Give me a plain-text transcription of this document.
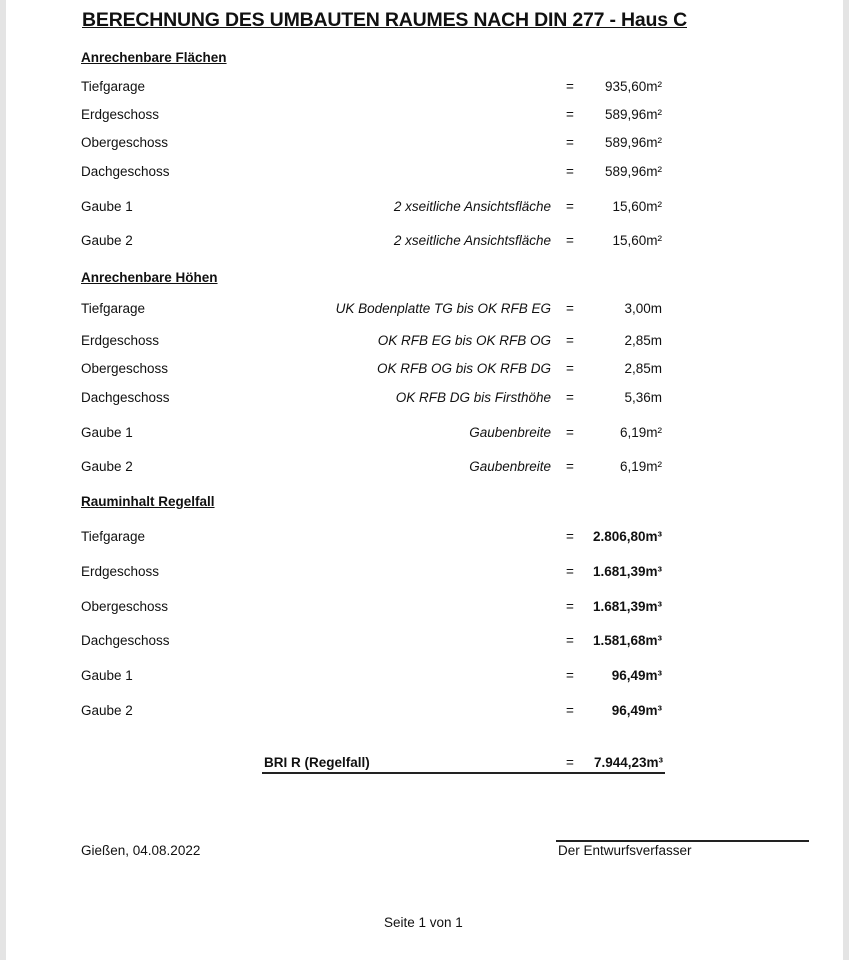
BERECHNUNG DES UMBAUTEN RAUMES NACH DIN 277 - Haus C
Anrechenbare Flächen
Tiefgarage	= 935,60m²
Erdgeschoss	= 589,96m²
Obergeschoss	= 589,96m²
Dachgeschoss	= 589,96m²
Gaube 1	2 xseitliche Ansichtsfläche =	15,60m²
Gaube 2	2 xseitliche Ansichtsfläche =	15,60m²
Anrechenbare Höhen
Tiefgarage	UK Bodenplatte TG bis OK RFB EG =	3,00m
Erdgeschoss	OK RFB EG bis OK RFB OG =	2,85m
Obergeschoss	OK RFB OG bis OK RFB DG =	2,85m
Dachgeschoss	OK RFB DG bis Firsthöhe =	5,36m
Gaube 1	Gaubenbreite =	6,19m²
Gaube 2	Gaubenbreite =	6,19m²
Rauminhalt Regelfall
Tiefgarage	= 2.806,80m³
Erdgeschoss	= 1.681,39m³
Obergeschoss	= 1.681,39m³
Dachgeschoss	= 1.581,68m³
Gaube 1	=	96,49m³
Gaube 2	=	96,49m³
BRI R (Regelfall)	= 7.944,23m³
Gießen, 04.08.2022	Der Entwurfsverfasser
Seite 1 von 1
